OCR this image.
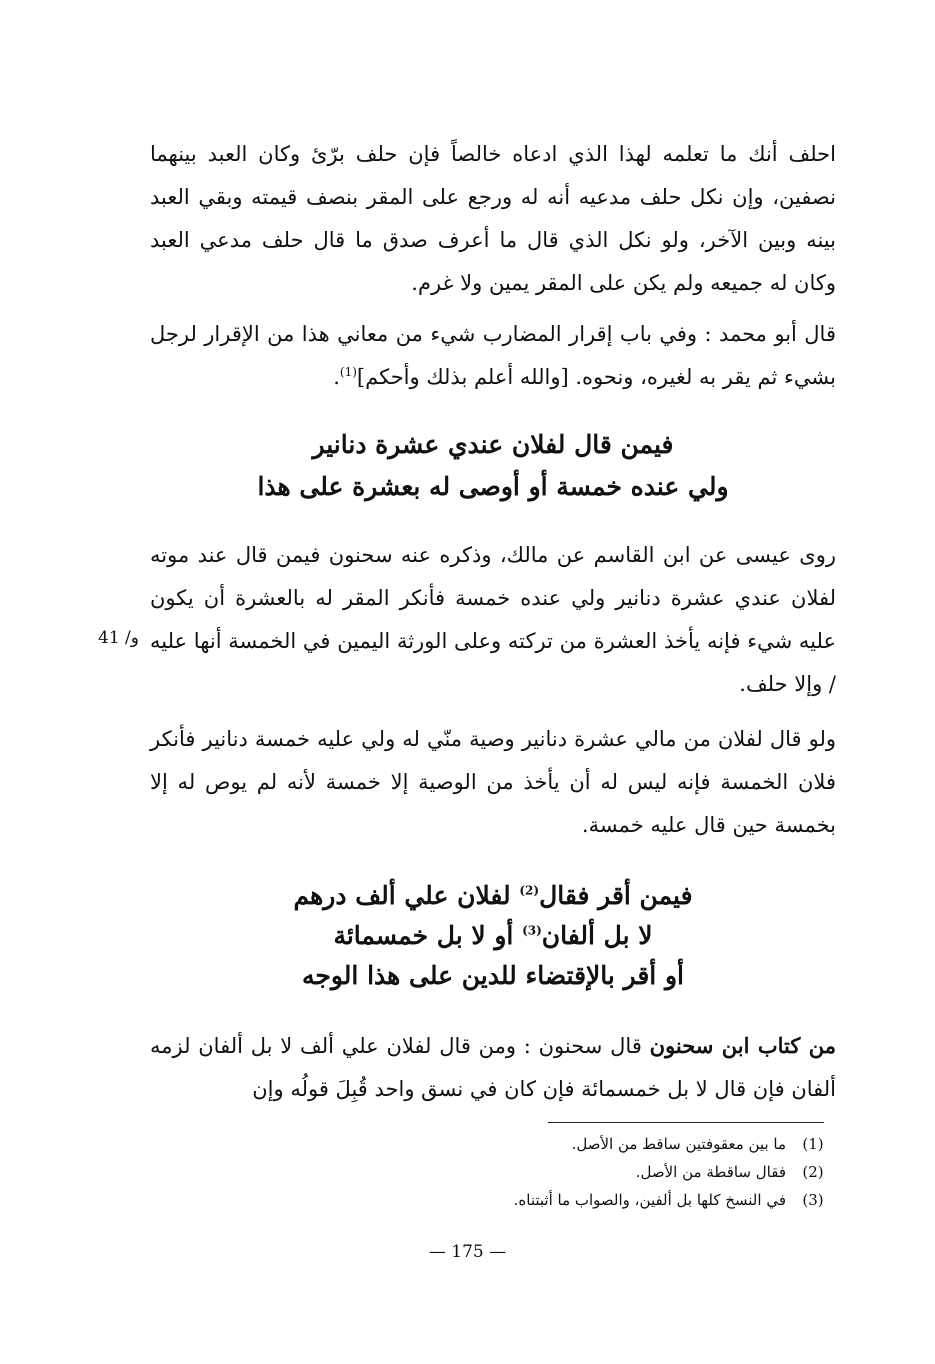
احلف أنك ما تعلمه لهذا الذي ادعاه خالصاً فإن حلف برّئ وكان العبد بينهما نصفين، وإن نكل حلف مدعيه أنه له ورجع على المقر بنصف قيمته وبقي العبد بينه وبين الآخر، ولو نكل الذي قال ما أعرف صدق ما قال حلف مدعي العبد وكان له جميعه ولم يكن على المقر يمين ولا غرم.

قال أبو محمد : وفي باب إقرار المضارب شيء من معاني هذا من الإقرار لرجل بشيء ثم يقر به لغيره، ونحوه. [والله أعلم بذلك وأحكم]$^{(1)}$.

فيمن قال لفلان عندي عشرة دنانير
ولي عنده خمسة أو أوصى له بعشرة على هذا

روى عيسى عن ابن القاسم عن مالك، وذكره عنه سحنون فيمن قال عند موته لفلان عندي عشرة دنانير ولي عنده خمسة فأنكر المقر له بالعشرة أن يكون عليه شيء فإنه يأخذ العشرة من تركته وعلى الورثة اليمين في الخمسة أنها عليه / وإلا حلف.

41 /و

ولو قال لفلان من مالي عشرة دنانير وصية منّي له ولي عليه خمسة دنانير فأنكر فلان الخمسة فإنه ليس له أن يأخذ من الوصية إلا خمسة لأنه لم يوص له إلا بخمسة حين قال عليه خمسة.

فيمن أقر فقال$^{(2)}$ لفلان علي ألف درهم
لا بل ألفان$^{(3)}$ أو لا بل خمسمائة
أو أقر بالإقتضاء للدين على هذا الوجه

من كتاب ابن سحنون قال سحنون : ومن قال لفلان علي ألف لا بل ألفان لزمه ألفان فإن قال لا بل خمسمائة فإن كان في نسق واحد قُبِلَ قولُه وإن

(1)
ما بين معقوفتين ساقط من الأصل.
(2)
فقال ساقطة من الأصل.
(3)
في النسخ كلها بل ألفين، والصواب ما أثبتناه.
— 175 —
